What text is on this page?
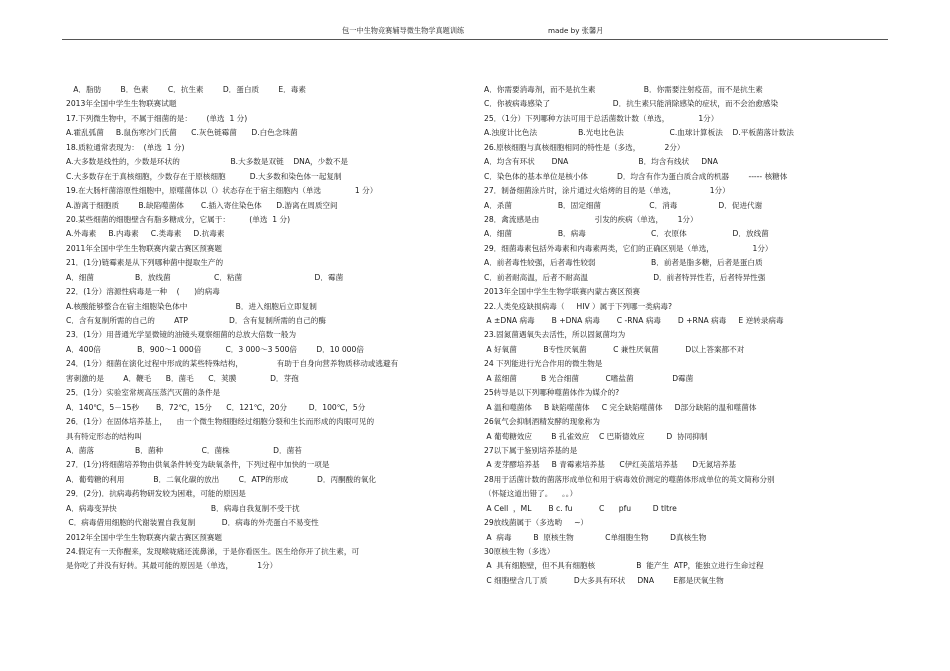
包一中生物竞赛辅导微生物学真题训练	made by 张馨月
A．脂肪        B．色素        C．抗生素        D．蛋白质        E．毒素
2013年全国中学生生物联赛试题
17.下列微生物中，不属于细菌的是：      (单选  1 分)
A.霍乱弧菌     B.鼠伤寒沙门氏菌      C.灰色链霉菌      D.白色念珠菌
18.质粒通常表现为：  (单选  1 分)
A.大多数是线性的，少数是环状的                     B.大多数是双链    DNA，少数不是
C.大多数存在于真核细胞，少数存在于原核细胞          D.大多数和染色体一起复制
19.在大肠杆菌溶原性细胞中，原噬菌体以（）状态存在于宿主细胞内（单选              1 分）
A.游离于细胞质        B.缺陷噬菌体       C.插入寄住染色体      D.游离在周质空间
20.某些细菌的细胞壁含有脂多糖成分，它属于：        (单选  1 分)
A.外毒素     B.内毒素     C.类毒素     D.抗毒素
2011年全国中学生生物联赛内蒙古赛区预赛题
21．(1分)链霉素是从下列哪种菌中提取生产的
A．细菌                 B．放线菌                  C．粘菌                              D．霉菌
22．(1分）溶源性病毒是一种    (      )的病毒
A.核酸能够整合在宿主细胞染色体中                    B．进入细胞后立即复制
C．含有复制所需的自己的        ATP                 D．含有复制所需的自己的酶
23．(1分）用普通光学显微镜的油镜头观察细菌的总放大倍数一般为
A．400倍               B．900～1 000倍          C．3 000～3 500倍        D．10 000倍
24．(1分）细菌在演化过程中形成的某些特殊结构，              有助于自身向营养物质移动或逃避有
害刺激的是        A．鞭毛      B．菌毛      C．荚膜              D．芽孢
25．(1分）实验室常规高压蒸汽灭菌的条件是
A．140℃，5－15秒       B．72℃，15分      C．121℃，20分         D．100℃，5分
26．(1分）在固体培养基上，    由一个微生物细胞经过细胞分裂和生长而形成的肉眼可见的
具有特定形态的结构叫
A．菌落                 B．菌种                C．菌株                  D．菌苔
27．(1分)将细菌培养物由供氧条件转变为缺氧条件，下列过程中加快的一项是
A．葡萄糖的利用            B．二氧化碳的放出        C．ATP的形成            D．丙酮酸的氧化
29．(2分)．抗病毒药物研发较为困难，可能的原因是
A．病毒变异快                                       B．病毒自我复制不受干扰
C．病毒借用细胞的代谢装置自我复制           D．病毒的外壳蛋白不易变性
2012年全国中学生生物联赛内蒙古赛区预赛题
24.假定有一天你醒来，发现喉咙痛还流鼻涕，于是你看医生。医生给你开了抗生素，可
是你吃了并没有好转。其最可能的原因是（单选，          1分）
A．你需要消毒剂，而不是抗生素                    B．你需要注射疫苗，而不是抗生素
C．你被病毒感染了                          D．抗生素只能消除感染的症状，而不会治愈感染
25．（1分）下列哪种方法可用于总活菌数计数（单选，            1分）
A.浊度计比色法                 B.光电比色法                   C.血球计算板法    D.平板菌落计数法
26.原核细胞与真核细胞相同的特性是（多选，          2分）
A．均含有环状       DNA                             B．均含有线状     DNA
C．染色体的基本单位是核小体            D．均含有作为蛋白质合成的机器        ----- 核糖体
27．制备细菌涂片时，涂片通过火焰烤的目的是（单选，              1分）
A．杀菌                   B．固定细菌                    C．消毒                 D．促进代谢
28．禽流感是由                       引发的疾病（单选，      1分）
A．细菌                   B．病毒                           C．衣原体                   D．放线菌
29．细菌毒素包括外毒素和内毒素两类，它们的正确区别是（单选，                1分）
A．前者毒性较强，后者毒性较弱                       B．前者是脂多糖，后者是蛋白质
C．前者耐高温，后者不耐高温                           D．前者特异性若，后者特异性强
2013年全国中学生生物学联赛内蒙古赛区预赛
22.人类免疫缺损病毒（     HIV ）属于下列哪一类病毒?
A ±DNA 病毒       B +DNA 病毒       C -RNA 病毒       D +RNA 病毒     E 逆转录病毒
23.固氮菌遇氧失去活性，所以固氮菌均为
A 好氧菌           B专性厌氧菌           C 兼性厌氧菌           D以上答案都不对
24 下列能进行光合作用的微生物是
A 蓝细菌          B 光合细菌           C嗜盐菌                D霉菌
25转导是以下列哪种噬菌体作为媒介的?
A 温和噬菌体     B 缺陷噬菌体     C 完全缺陷噬菌体     D部分缺陷的温和噬菌体
26氧气会抑制酒精发酵的现象称为
A 葡萄糖效应        B 孔雀效应    C 巴斯德效应         D  协同抑制
27以下属于鉴别培养基的是
A 麦芽醪培养基     B 青霉素培养基      C伊红美蓝培养基      D无氮培养基
28用于活菌计数的菌落形成单位和用于病毒效价测定的噬菌体形成单位的英文简称分别
（怀疑这道出错了。    。。）
A Cell  ，ML       B c. fu           C      pfu         D tltre
29放线菌属于（多选哟     ~）
A  病毒         B  原核生物             C单细胞生物         D真核生物
30原核生物（多选）
A  具有细胞壁，但不具有细胞核                 B  能产生  ATP，能独立进行生命过程
C 细胞壁含几丁质           D大多具有环状     DNA        E都是厌氧生物
